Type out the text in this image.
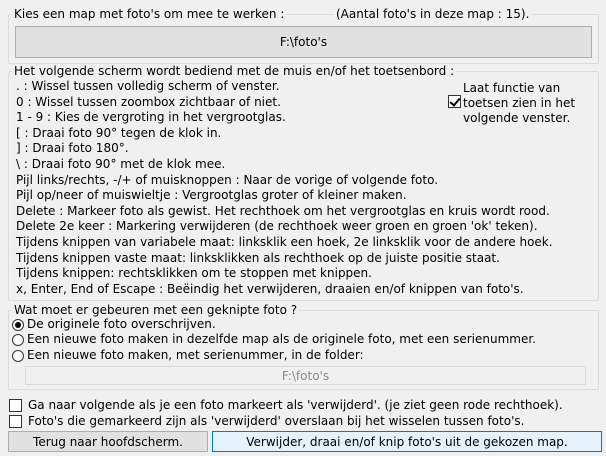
Kies een map met foto's om mee te werken :	(Aantal foto's in deze map : 15).
F:\foto's
Het volgende scherm wordt bediend met de muis en/of het toetsenbord :
. : Wissel tussen volledig scherm of venster.
0 : Wissel tussen zoombox zichtbaar of niet.
1 - 9 : Kies de vergroting in het vergrootglas.
[ : Draai foto 90° tegen de klok in.
] : Draai foto 180°.
\ : Draai foto 90° met de klok mee.
Pijl links/rechts, -/+ of muisknoppen : Naar de vorige of volgende foto.
Pijl op/neer of muiswieltje : Vergrootglas groter of kleiner maken.
Delete : Markeer foto als gewist. Het rechthoek om het vergrootglas en kruis wordt rood.
Delete 2e keer : Markering verwijderen (de rechthoek weer groen en groen 'ok' teken).
Tijdens knippen van variabele maat: linksklik een hoek, 2e linksklik voor de andere hoek.
Tijdens knippen vaste maat: linksklikken als rechthoek op de juiste positie staat.
Tijdens knippen: rechtsklikken om te stoppen met knippen.
x, Enter, End of Escape : Beëindig het verwijderen, draaien en/of knippen van foto's.
Laat functie van toetsen zien in het volgende venster.
Wat moet er gebeuren met een geknipte foto ?
De originele foto overschrijven.
Een nieuwe foto maken in dezelfde map als de originele foto, met een serienummer.
Een nieuwe foto maken, met serienummer, in de folder:
F:\foto's
Ga naar volgende als je een foto markeert als 'verwijderd'. (je ziet geen rode rechthoek).
Foto's die gemarkeerd zijn als 'verwijderd' overslaan bij het wisselen tussen foto's.
Terug naar hoofdscherm.	Verwijder, draai en/of knip foto's uit de gekozen map.
